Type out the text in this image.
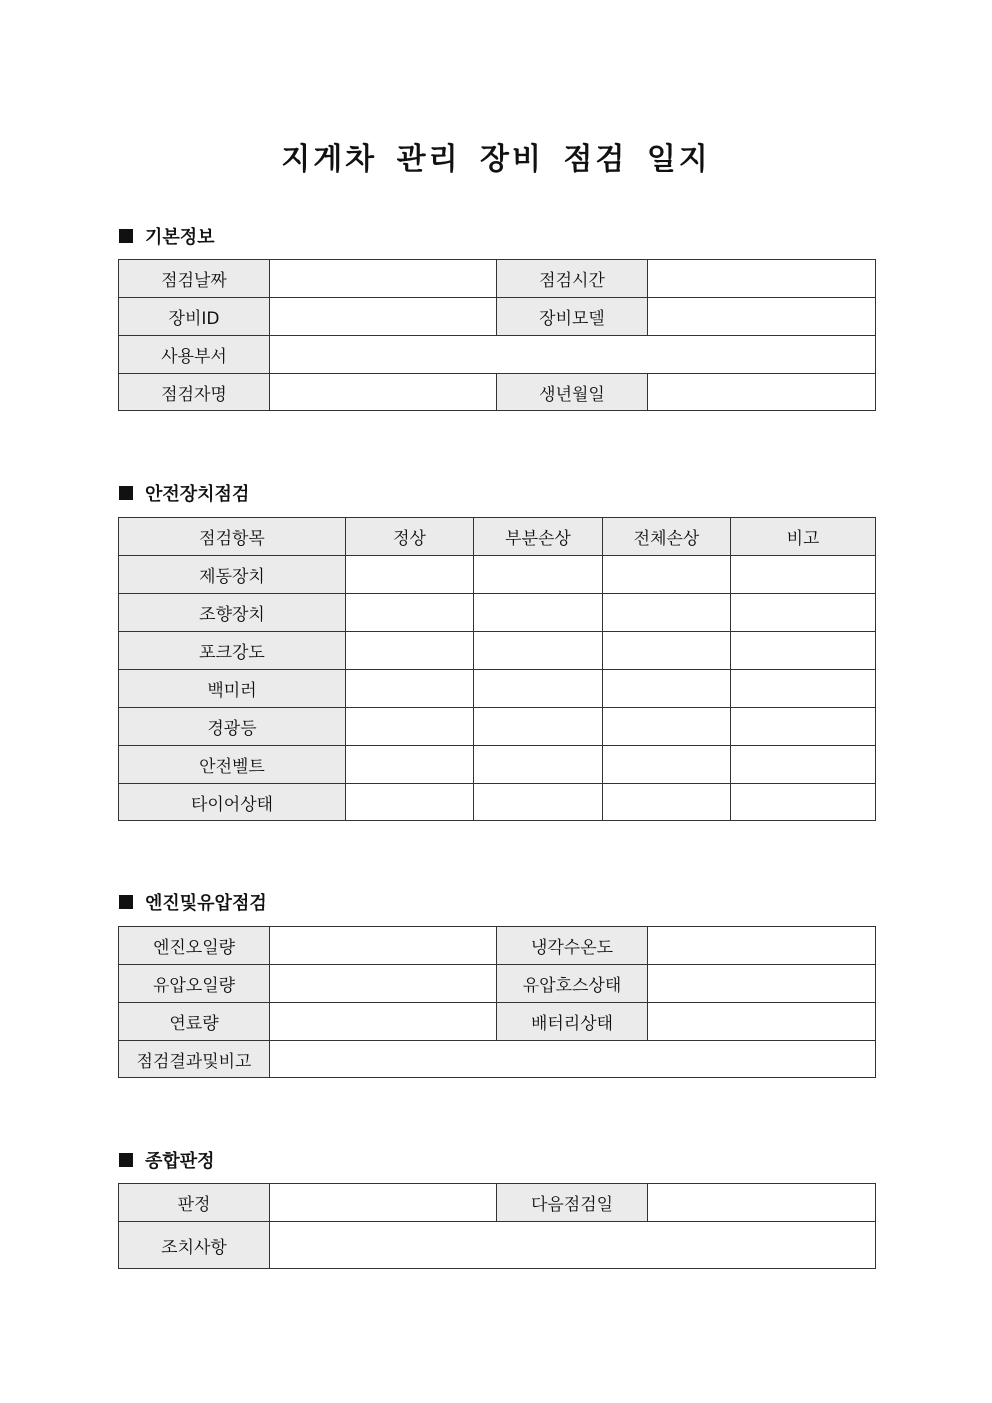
지게차 관리 장비 점검 일지
기본정보
점검날짜		점검시간	
장비ID		장비모델	
사용부서			
점검자명		생년월일	
안전장치점검
점검항목	정상	부분손상	전체손상	비고
제동장치				
조향장치				
포크강도				
백미러				
경광등				
안전벨트				
타이어상태				
엔진및유압점검
엔진오일량		냉각수온도	
유압오일량		유압호스상태	
연료량		배터리상태	
점검결과및비고			
종합판정
판정		다음점검일	
조치사항			
